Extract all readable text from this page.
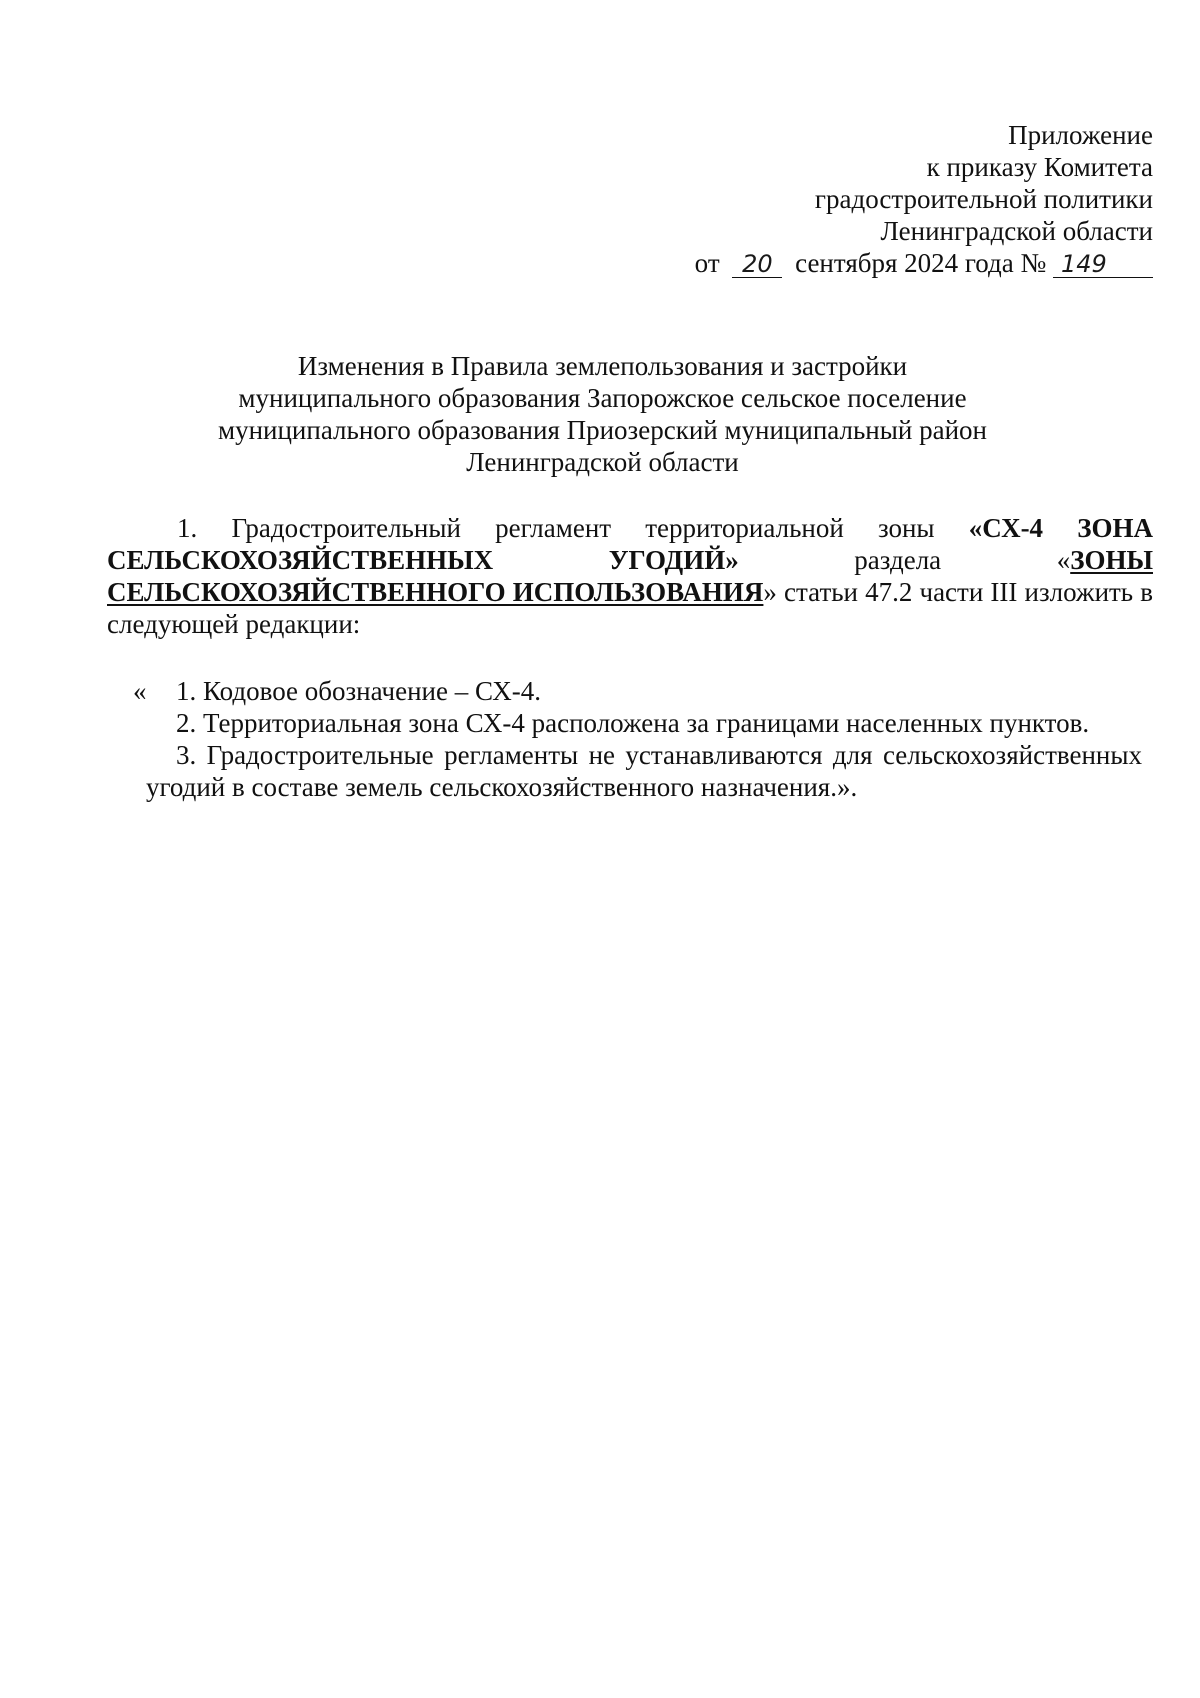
Приложение
к приказу Комитета
градостроительной политики
Ленинградской области
от 20 сентября 2024 года № 149
Изменения в Правила землепользования и застройки
муниципального образования Запорожское сельское поселение
муниципального образования Приозерский муниципальный район
Ленинградской области
1. Градостроительный регламент территориальной зоны «СХ-4 ЗОНА СЕЛЬСКОХОЗЯЙСТВЕННЫХ УГОДИЙ» раздела «ЗОНЫ СЕЛЬСКОХОЗЯЙСТВЕННОГО ИСПОЛЬЗОВАНИЯ» статьи 47.2 части III изложить в следующей редакции:
«	1. Кодовое обозначение – СХ-4.
2. Территориальная зона СХ-4 расположена за границами населенных пунктов.
3. Градостроительные регламенты не устанавливаются для сельскохозяйственных угодий в составе земель сельскохозяйственного назначения.».
